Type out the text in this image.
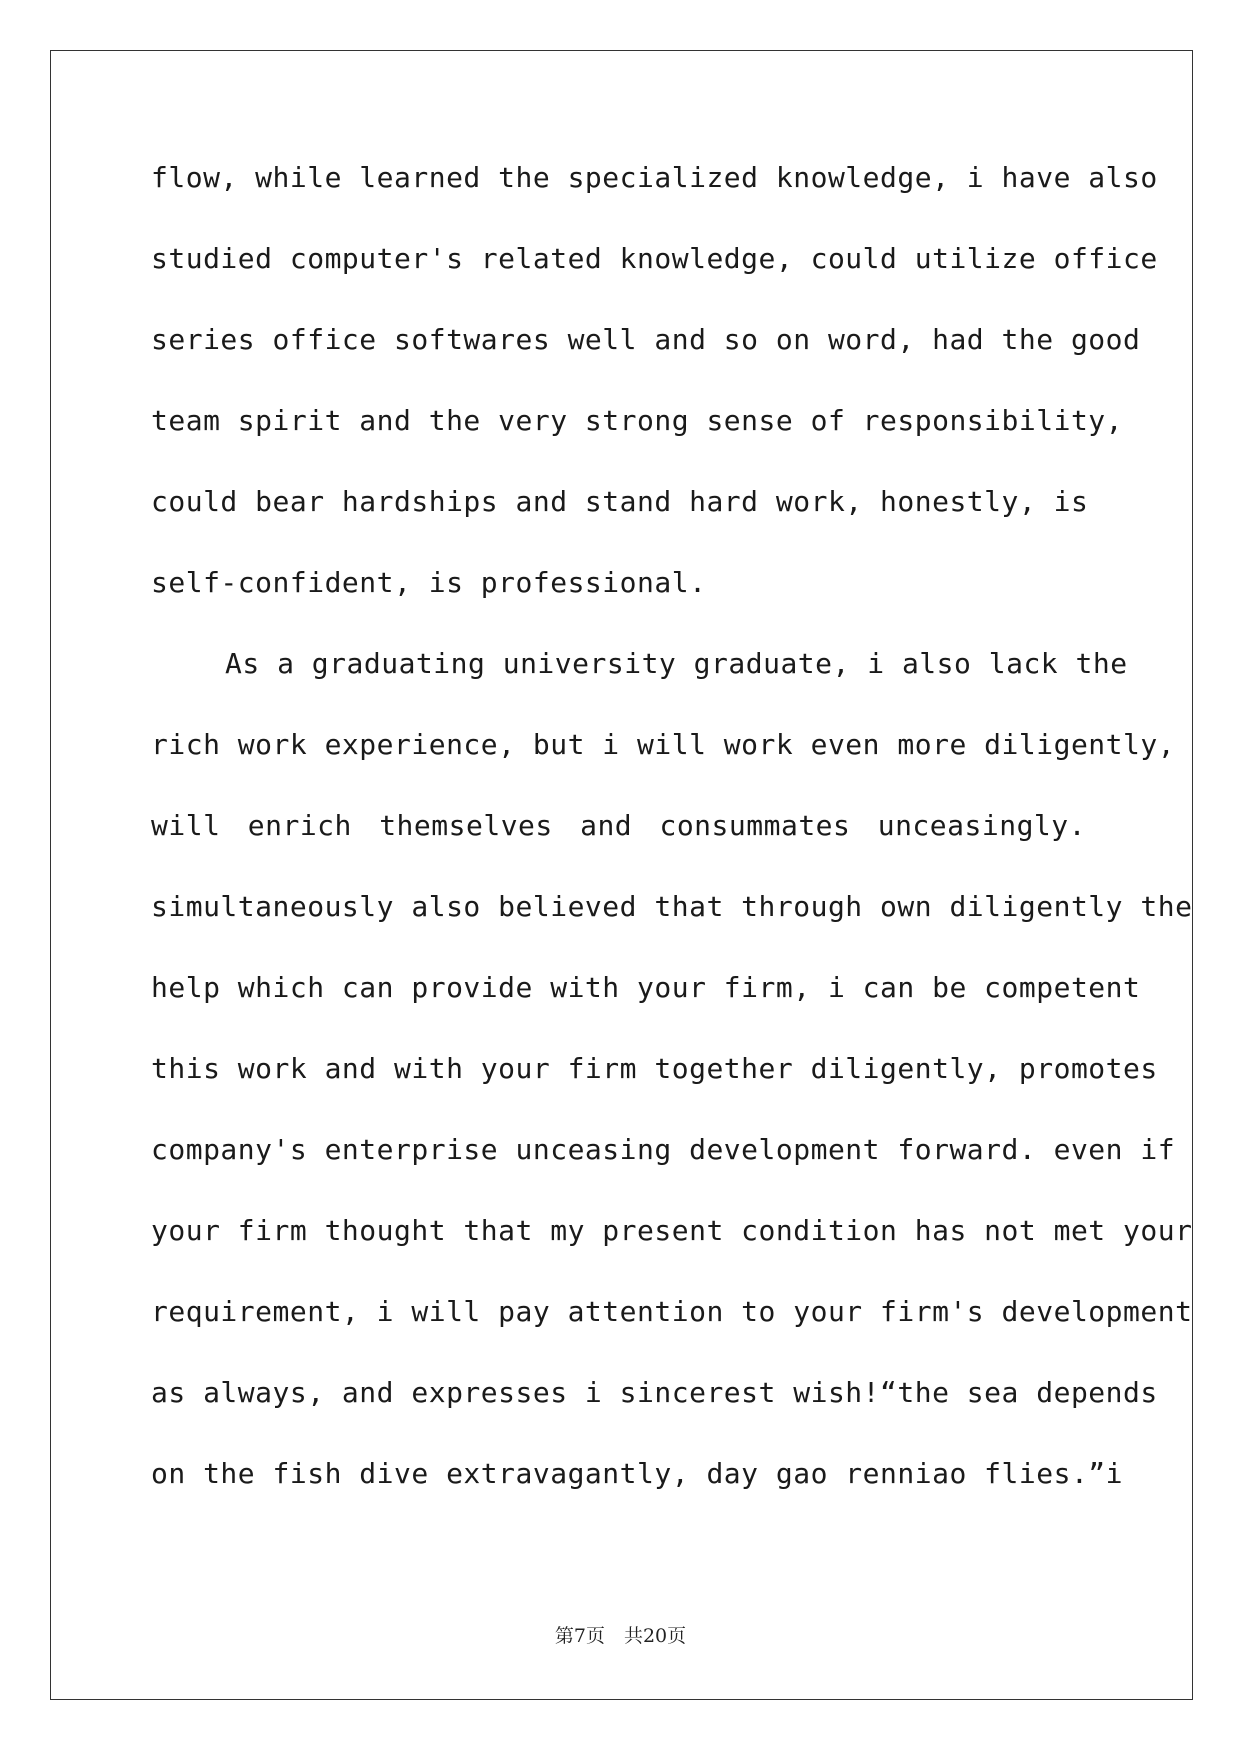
flow, while learned the specialized knowledge, i have also
studied computer's related knowledge, could utilize office
series office softwares well and so on word, had the good
team spirit and the very strong sense of responsibility,
could bear hardships and stand hard work, honestly, is
self-confident, is professional.
As a graduating university graduate, i also lack the
rich work experience, but i will work even more diligently,
will enrich themselves and consummates unceasingly.
simultaneously also believed that through own diligently the
help which can provide with your firm, i can be competent
this work and with your firm together diligently, promotes
company's enterprise unceasing development forward. even if
your firm thought that my present condition has not met your
requirement, i will pay attention to your firm's development
as always, and expresses i sincerest wish!“the sea depends
on the fish dive extravagantly, day gao renniao flies.”i
第7页　共20页
